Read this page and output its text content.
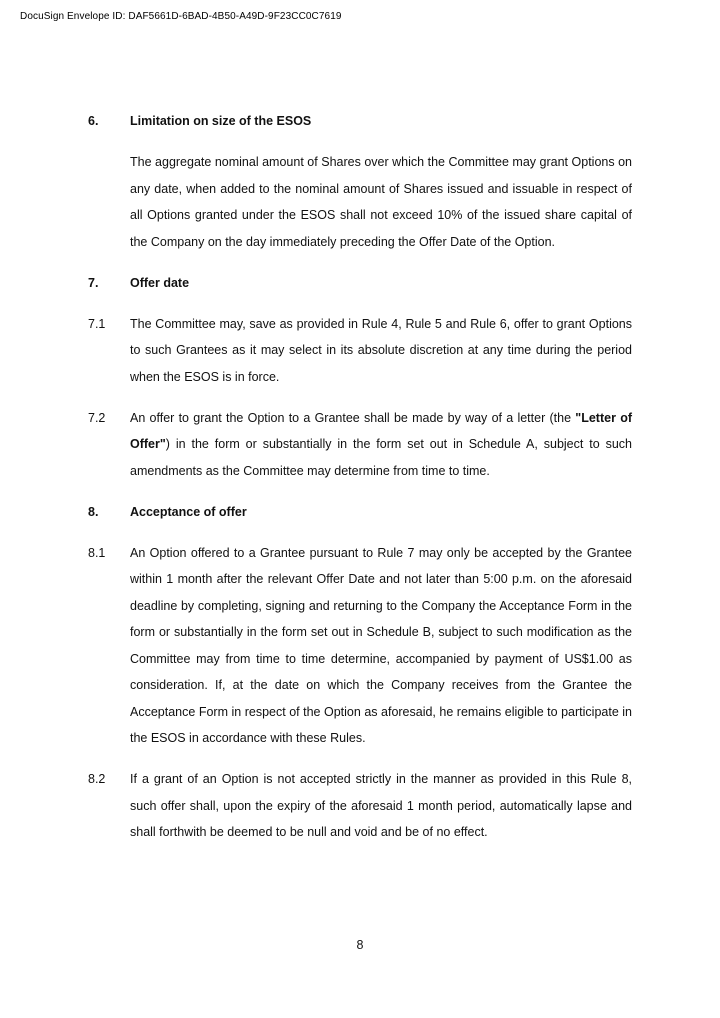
DocuSign Envelope ID: DAF5661D-6BAD-4B50-A49D-9F23CC0C7619
6.	Limitation on size of the ESOS
The aggregate nominal amount of Shares over which the Committee may grant Options on any date, when added to the nominal amount of Shares issued and issuable in respect of all Options granted under the ESOS shall not exceed 10% of the issued share capital of the Company on the day immediately preceding the Offer Date of the Option.
7.	Offer date
7.1	The Committee may, save as provided in Rule 4, Rule 5 and Rule 6, offer to grant Options to such Grantees as it may select in its absolute discretion at any time during the period when the ESOS is in force.
7.2	An offer to grant the Option to a Grantee shall be made by way of a letter (the "Letter of Offer") in the form or substantially in the form set out in Schedule A, subject to such amendments as the Committee may determine from time to time.
8.	Acceptance of offer
8.1	An Option offered to a Grantee pursuant to Rule 7 may only be accepted by the Grantee within 1 month after the relevant Offer Date and not later than 5:00 p.m. on the aforesaid deadline by completing, signing and returning to the Company the Acceptance Form in the form or substantially in the form set out in Schedule B, subject to such modification as the Committee may from time to time determine, accompanied by payment of US$1.00 as consideration. If, at the date on which the Company receives from the Grantee the Acceptance Form in respect of the Option as aforesaid, he remains eligible to participate in the ESOS in accordance with these Rules.
8.2	If a grant of an Option is not accepted strictly in the manner as provided in this Rule 8, such offer shall, upon the expiry of the aforesaid 1 month period, automatically lapse and shall forthwith be deemed to be null and void and be of no effect.
8
